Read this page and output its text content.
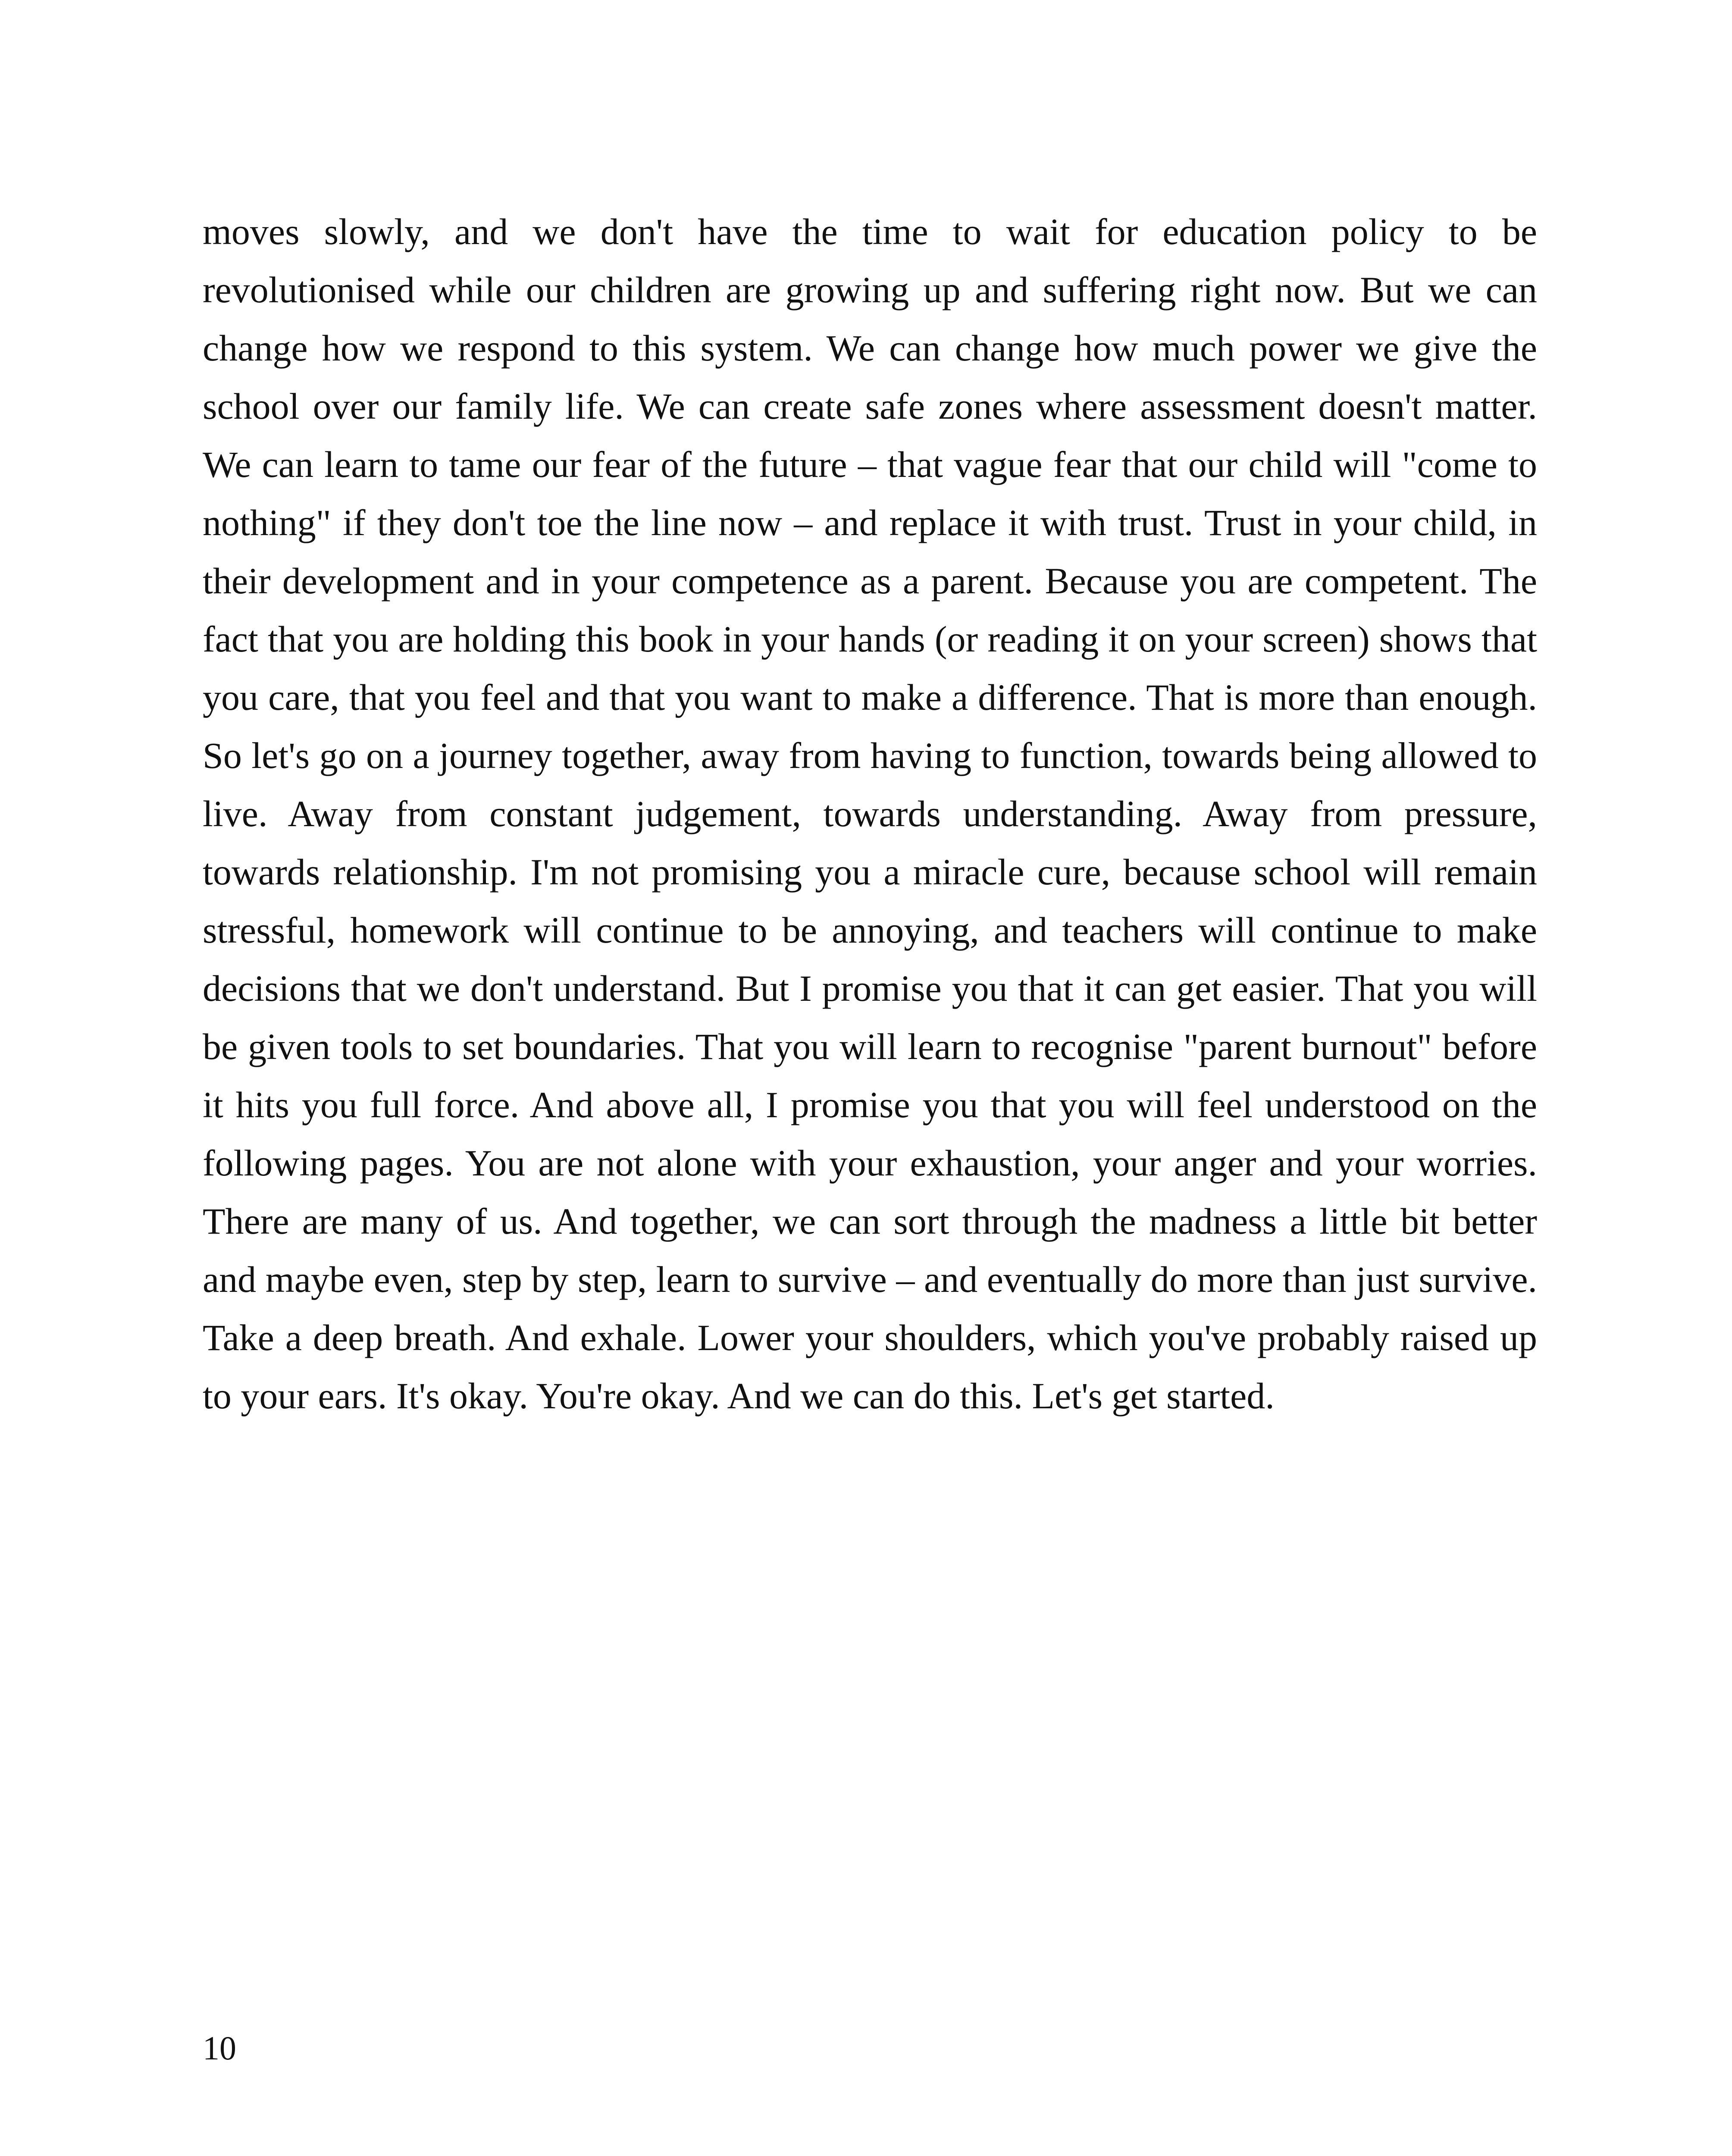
moves slowly, and we don't have the time to wait for education policy to be revolutionised while our children are growing up and suffering right now. But we can change how we respond to this system. We can change how much power we give the school over our family life. We can create safe zones where assessment doesn't matter. We can learn to tame our fear of the future – that vague fear that our child will "come to nothing" if they don't toe the line now – and replace it with trust. Trust in your child, in their development and in your competence as a parent. Because you are competent. The fact that you are holding this book in your hands (or reading it on your screen) shows that you care, that you feel and that you want to make a difference. That is more than enough. So let's go on a journey together, away from having to function, towards being allowed to live. Away from constant judgement, towards understanding. Away from pressure, towards relationship. I'm not promising you a miracle cure, because school will remain stressful, homework will continue to be annoying, and teachers will continue to make decisions that we don't understand. But I promise you that it can get easier. That you will be given tools to set boundaries. That you will learn to recognise "parent burnout" before it hits you full force. And above all, I promise you that you will feel understood on the following pages. You are not alone with your exhaustion, your anger and your worries. There are many of us. And together, we can sort through the madness a little bit better and maybe even, step by step, learn to survive – and eventually do more than just survive. Take a deep breath. And exhale. Lower your shoulders, which you've probably raised up to your ears. It's okay. You're okay. And we can do this. Let's get started.

10
